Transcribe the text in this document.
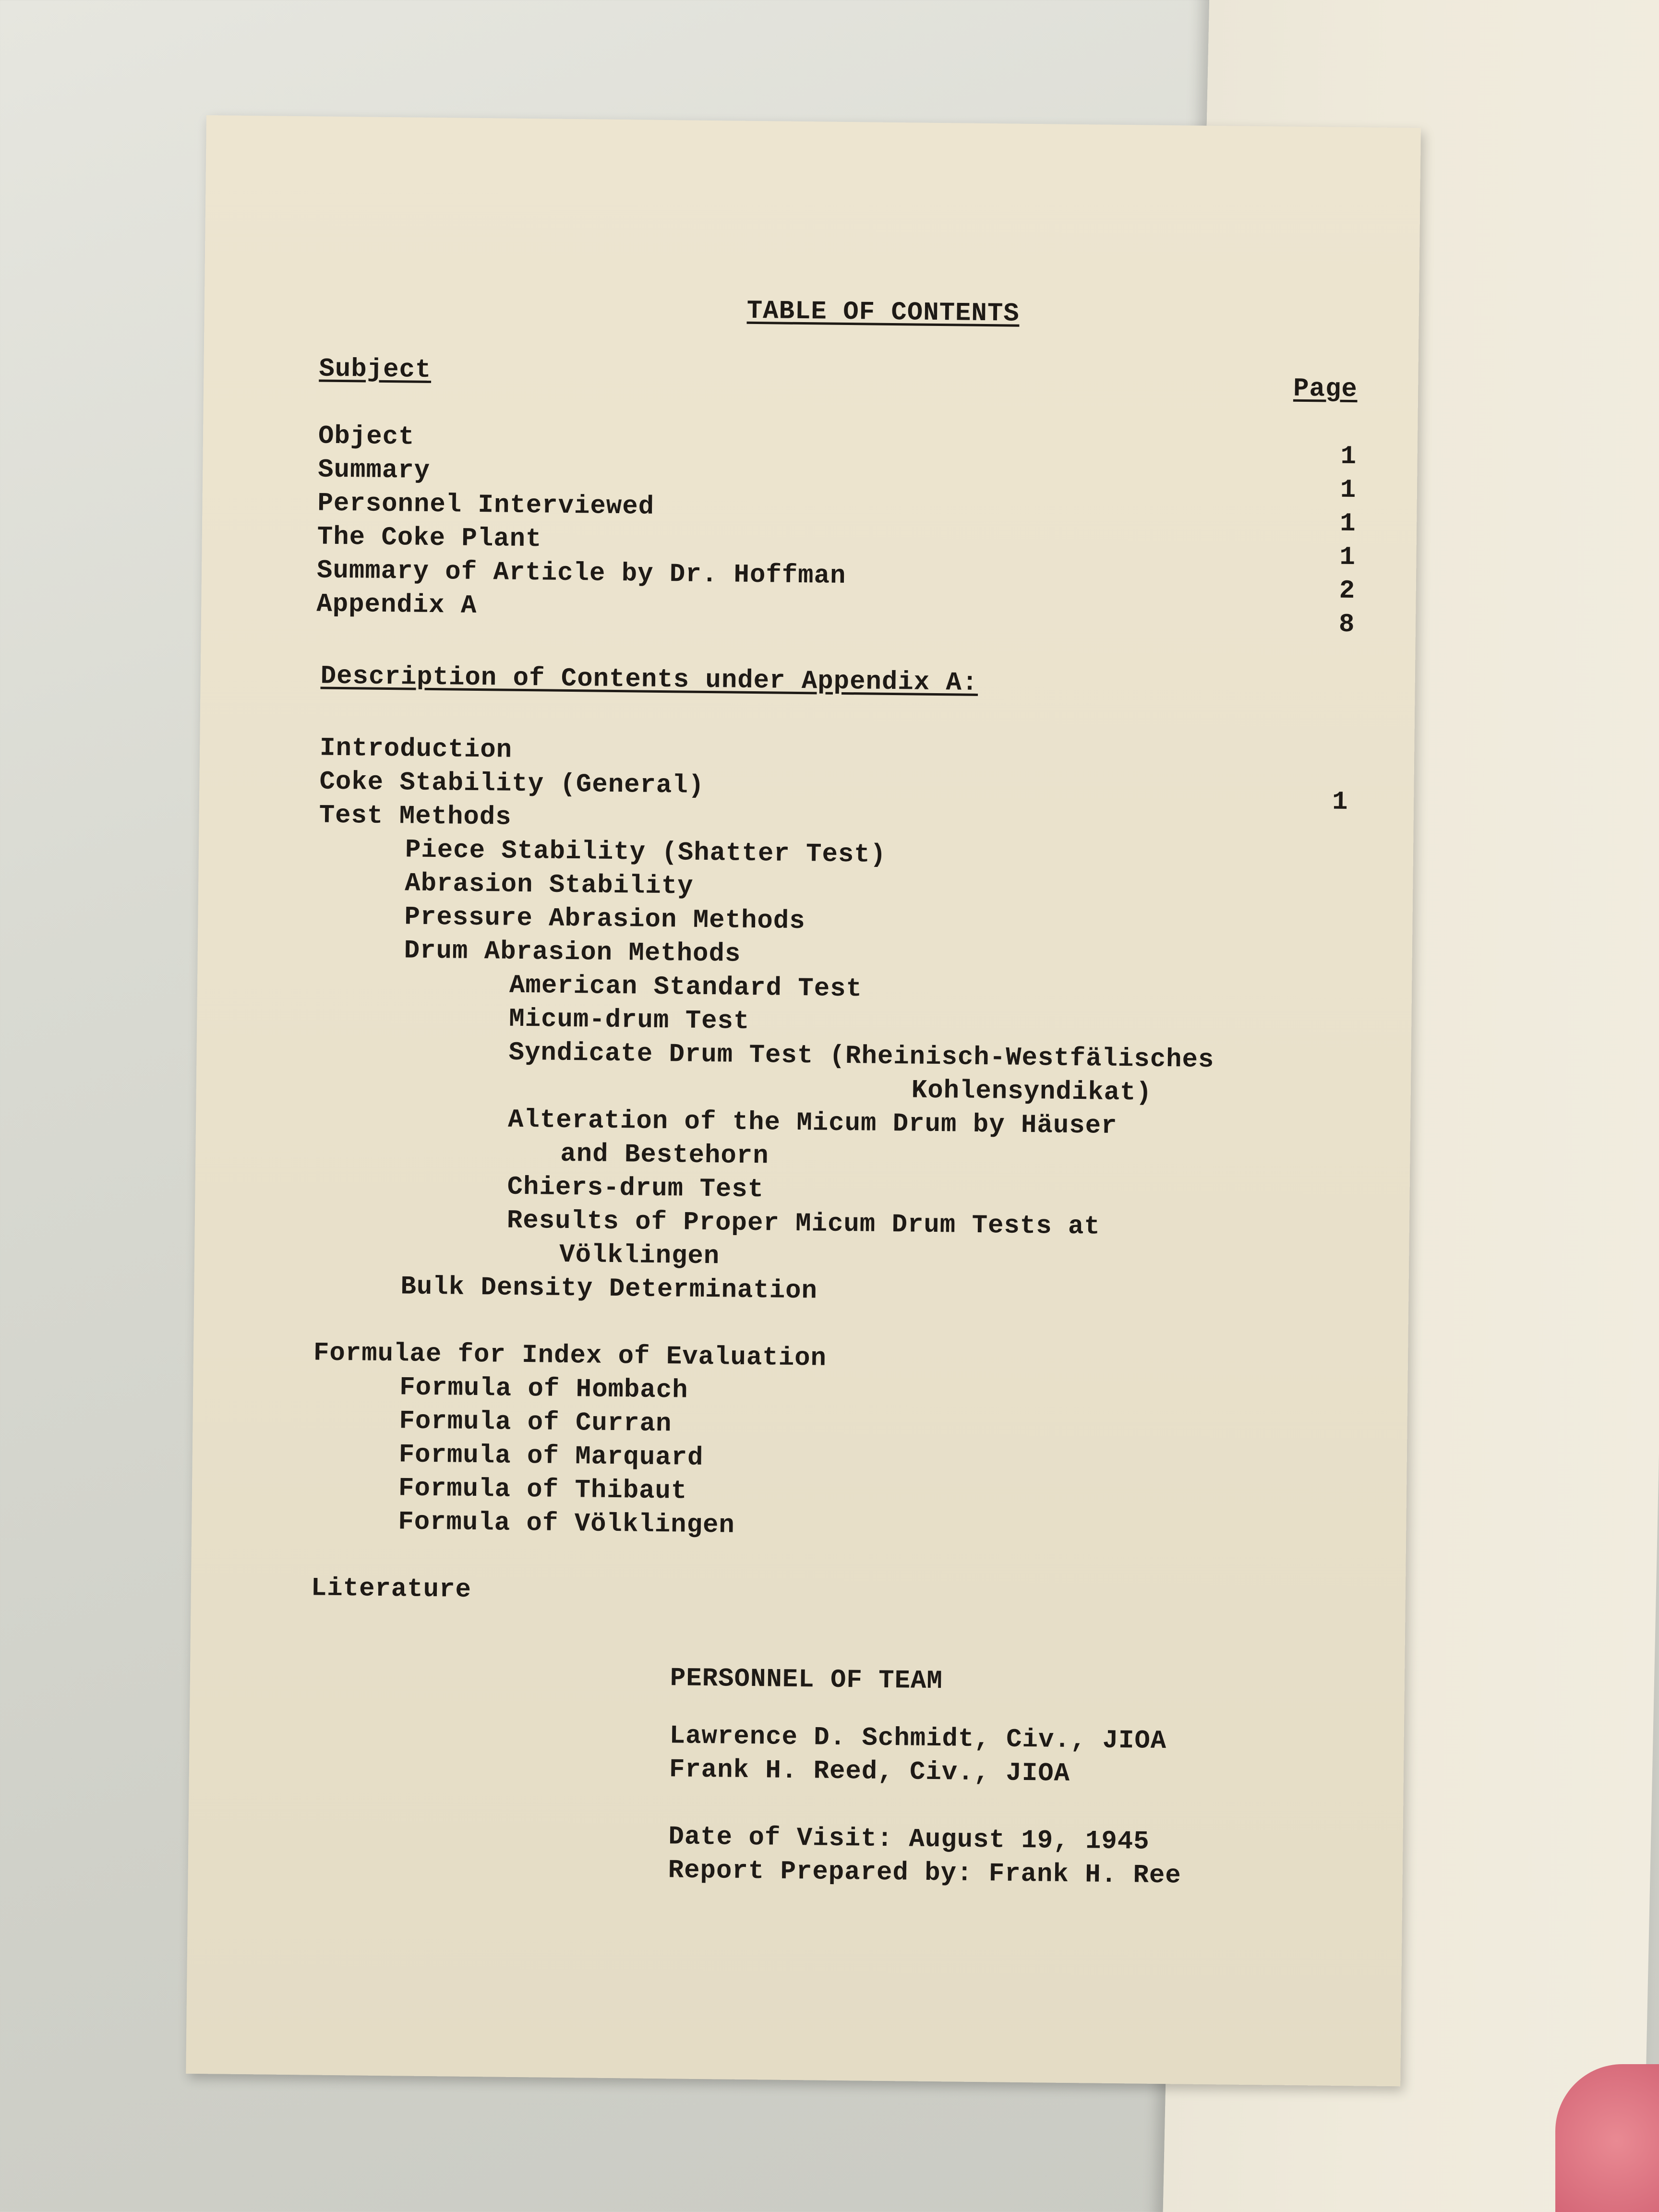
TABLE OF CONTENTS
Subject
Page
Object
1
Summary
1
Personnel Interviewed
1
The Coke Plant
1
Summary of Article by Dr. Hoffman
2
Appendix A
8
Description of Contents under Appendix A:
Introduction
Coke Stability (General)
1
Test Methods
Piece Stability (Shatter Test)
Abrasion Stability
Pressure Abrasion Methods
Drum Abrasion Methods
American Standard Test
Micum-drum Test
Syndicate Drum Test (Rheinisch-Westfälisches
Kohlensyndikat)
Alteration of the Micum Drum by Häuser
and Bestehorn
Chiers-drum Test
Results of Proper Micum Drum Tests at
Völklingen
Bulk Density Determination
Formulae for Index of Evaluation
Formula of Hombach
Formula of Curran
Formula of Marquard
Formula of Thibaut
Formula of Völklingen
Literature
PERSONNEL OF TEAM
Lawrence D. Schmidt, Civ., JIOA
Frank H. Reed, Civ., JIOA
Date of Visit: August 19, 1945
Report Prepared by: Frank H. Ree
